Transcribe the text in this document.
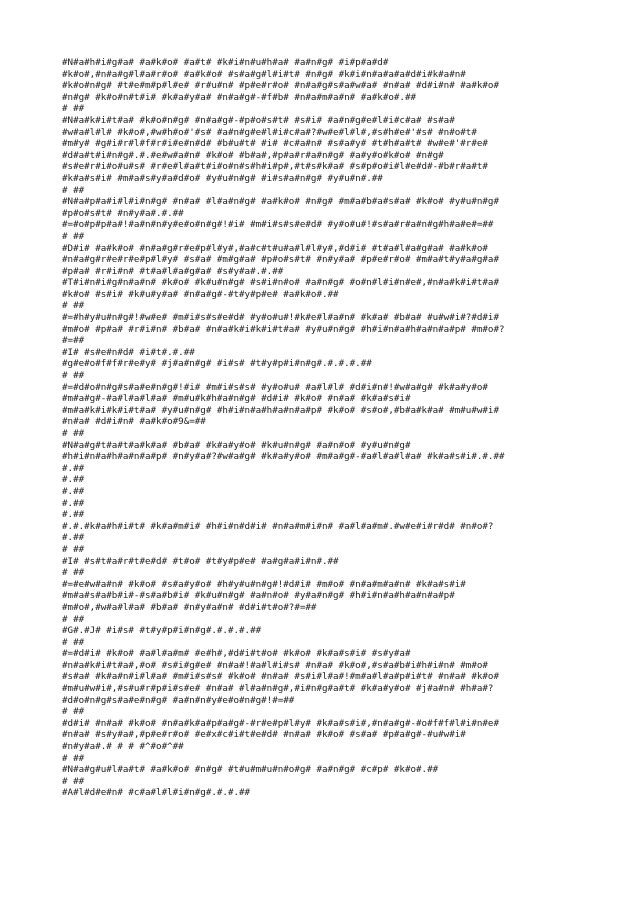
#N#a#h#i#g#a# #a#k#o# #a#t# #k#i#n#u#h#a# #a#n#g# #i#p#a#d#
#k#o#,#n#a#g#l#a#r#o# #a#k#o# #s#a#g#l#i#t# #n#g# #k#i#n#a#a#a#d#i#k#a#n#
#k#o#n#g# #t#e#m#p#l#e# #r#u#n# #p#e#r#o# #n#a#g#s#a#w#a# #n#a# #d#i#n# #a#k#o#
#n#g# #k#o#n#t#i# #k#a#y#a# #n#a#g#-#f#b# #n#a#m#a#n# #a#k#o#.##
# ##
#N#a#k#i#t#a# #k#o#n#g# #n#a#g#-#p#o#s#t# #s#i# #a#n#g#e#l#i#c#a# #s#a#
#w#a#l#l# #k#o#,#w#h#o#'#s# #a#n#g#e#l#i#c#a#?#w#e#l#l#,#s#h#e#'#s# #n#o#t#
#m#y# #g#i#r#l#f#r#i#e#n#d# #b#u#t# #i# #c#a#n# #s#a#y# #t#h#a#t# #w#e#'#r#e#
#d#a#t#i#n#g#.#.#e#w#a#n# #k#o# #b#a#,#p#a#r#a#n#g# #a#y#o#k#o# #n#g#
#s#e#r#i#o#u#s# #r#e#l#a#t#i#o#n#s#h#i#p#,#t#s#k#a# #s#p#o#i#l#e#d#-#b#r#a#t#
#k#a#s#i# #m#a#s#y#a#d#o# #y#u#n#g# #i#s#a#n#g# #y#u#n#.##
# ##
#N#a#p#a#i#l#i#n#g# #n#a# #l#a#n#g# #a#k#o# #n#g# #m#a#b#a#s#a# #k#o# #y#u#n#g#
#p#o#s#t# #n#y#a#.#.##
#=#o#p#p#a#!#a#n#n#y#e#o#n#g#!#i# #m#i#s#s#e#d# #y#o#u#!#s#a#r#a#n#g#h#a#e#=##
# ##
#D#i# #a#k#o# #n#a#g#r#e#p#l#y#,#a#c#t#u#a#l#l#y#,#d#i# #t#a#l#a#g#a# #a#k#o#
#n#a#g#r#e#r#e#p#l#y# #s#a# #m#g#a# #p#o#s#t# #n#y#a# #p#e#r#o# #m#a#t#y#a#g#a#
#p#a# #r#i#n# #t#a#l#a#g#a# #s#y#a#.#.##
#T#i#n#i#g#n#a#n# #k#o# #k#u#n#g# #s#i#n#o# #a#n#g# #o#n#l#i#n#e#,#n#a#k#i#t#a#
#k#o# #s#i# #k#u#y#a# #n#a#g#-#t#y#p#e# #a#k#o#.##
# ##
#=#h#y#u#n#g#!#w#e# #m#i#s#s#e#d# #y#o#u#!#k#e#l#a#n# #k#a# #b#a# #u#w#i#?#d#i#
#m#o# #p#a# #r#i#n# #b#a# #n#a#k#i#k#i#t#a# #y#u#n#g# #h#i#n#a#h#a#n#a#p# #m#o#?
#=##
#I# #s#e#n#d# #i#t#.#.##
#g#e#o#f#f#r#e#y# #j#a#n#g# #i#s# #t#y#p#i#n#g#.#.#.#.##
# ##
#=#d#o#n#g#s#a#e#n#g#!#i# #m#i#s#s# #y#o#u# #a#l#l# #d#i#n#!#w#a#g# #k#a#y#o#
#m#a#g#-#a#l#a#l#a# #m#u#k#h#a#n#g# #d#i# #k#o# #n#a# #k#a#s#i#
#m#a#k#i#k#i#t#a# #y#u#n#g# #h#i#n#a#h#a#n#a#p# #k#o# #s#o#,#b#a#k#a# #m#u#w#i#
#n#a# #d#i#n# #a#k#o#9&=##
# ##
#N#a#g#t#a#t#a#k#a# #b#a# #k#a#y#o# #k#u#n#g# #a#n#o# #y#u#n#g#
#h#i#n#a#h#a#n#a#p# #n#y#a#?#w#a#g# #k#a#y#o# #m#a#g#-#a#l#a#l#a# #k#a#s#i#.#.##
#.##
#.##
#.##
#.##
#.##
#.#.#k#a#h#i#t# #k#a#m#i# #h#i#n#d#i# #n#a#m#i#n# #a#l#a#m#.#w#e#i#r#d# #n#o#?
#.##
# ##
#I# #s#t#a#r#t#e#d# #t#o# #t#y#p#e# #a#g#a#i#n#.##
# ##
#=#e#w#a#n# #k#o# #s#a#y#o# #h#y#u#n#g#!#d#i# #m#o# #n#a#m#a#n# #k#a#s#i#
#m#a#s#a#b#i#-#s#a#b#i# #k#u#n#g# #a#n#o# #y#a#n#g# #h#i#n#a#h#a#n#a#p#
#m#o#,#w#a#l#a# #b#a# #n#y#a#n# #d#i#t#o#?#=##
# ##
#G#.#J# #i#s# #t#y#p#i#n#g#.#.#.#.##
# ##
#=#d#i# #k#o# #a#l#a#m# #e#h#,#d#i#t#o# #k#o# #k#a#s#i# #s#y#a#
#n#a#k#i#t#a#,#o# #s#i#g#e# #n#a#!#a#l#i#s# #n#a# #k#o#,#s#a#b#i#h#i#n# #m#o#
#s#a# #k#a#n#i#l#a# #m#i#s#s# #k#o# #n#a# #s#i#l#a#!#m#a#l#a#p#i#t# #n#a# #k#o#
#m#u#w#i#,#s#u#r#p#i#s#e# #n#a# #l#a#n#g#,#i#n#g#a#t# #k#a#y#o# #j#a#n# #h#a#?
#d#o#n#g#s#a#e#n#g# #a#n#n#y#e#o#n#g#!#=##
# ##
#d#i# #n#a# #k#o# #n#a#k#a#p#a#g#-#r#e#p#l#y# #k#a#s#i#,#n#a#g#-#o#f#f#l#i#n#e#
#n#a# #s#y#a#,#p#e#r#o# #e#x#c#i#t#e#d# #n#a# #k#o# #s#a# #p#a#g#-#u#w#i#
#n#y#a#.# # # #^#o#^##
# ##
#N#a#g#u#l#a#t# #a#k#o# #n#g# #t#u#m#u#n#o#g# #a#n#g# #c#p# #k#o#.##
# ##
#A#l#d#e#n# #c#a#l#l#i#n#g#.#.#.##
